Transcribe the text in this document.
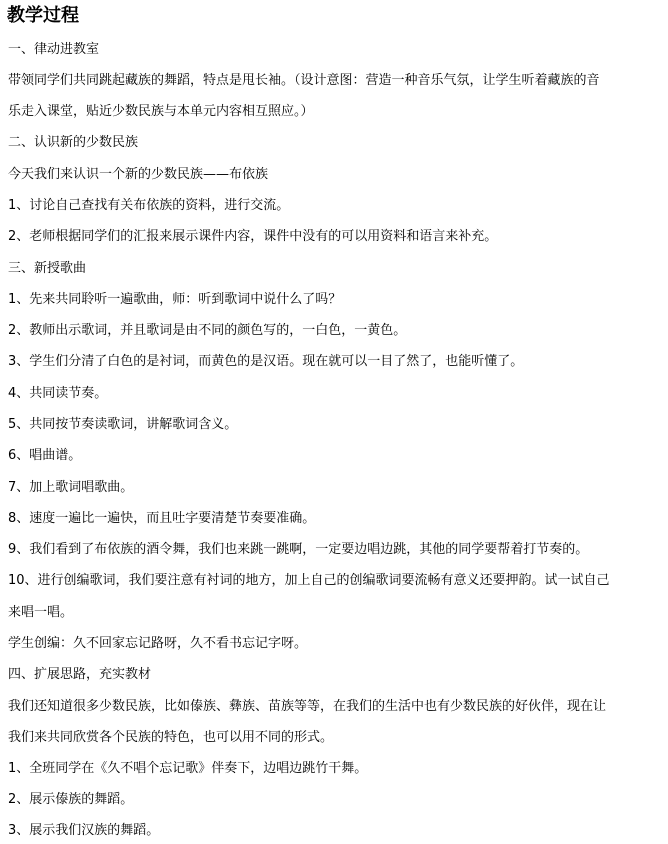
教学过程
一、律动进教室
带领同学们共同跳起藏族的舞蹈，特点是甩长袖。（设计意图：营造一种音乐气氛，让学生听着藏族的音
乐走入课堂，贴近少数民族与本单元内容相互照应。）
二、认识新的少数民族
今天我们来认识一个新的少数民族——布依族
1、讨论自己查找有关布依族的资料，进行交流。
2、老师根据同学们的汇报来展示课件内容，课件中没有的可以用资料和语言来补充。
三、新授歌曲
1、先来共同聆听一遍歌曲，师：听到歌词中说什么了吗？
2、教师出示歌词，并且歌词是由不同的颜色写的，一白色，一黄色。
3、学生们分清了白色的是衬词，而黄色的是汉语。现在就可以一目了然了，也能听懂了。
4、共同读节奏。
5、共同按节奏读歌词，讲解歌词含义。
6、唱曲谱。
7、加上歌词唱歌曲。
8、速度一遍比一遍快，而且吐字要清楚节奏要准确。
9、我们看到了布依族的酒令舞，我们也来跳一跳啊，一定要边唱边跳，其他的同学要帮着打节奏的。
10、进行创编歌词，我们要注意有衬词的地方，加上自己的创编歌词要流畅有意义还要押韵。试一试自己
来唱一唱。
学生创编：久不回家忘记路呀，久不看书忘记字呀。
四、扩展思路，充实教材
我们还知道很多少数民族，比如傣族、彝族、苗族等等，在我们的生活中也有少数民族的好伙伴，现在让
我们来共同欣赏各个民族的特色，也可以用不同的形式。
1、全班同学在《久不唱个忘记歌》伴奏下，边唱边跳竹干舞。
2、展示傣族的舞蹈。
3、展示我们汉族的舞蹈。
